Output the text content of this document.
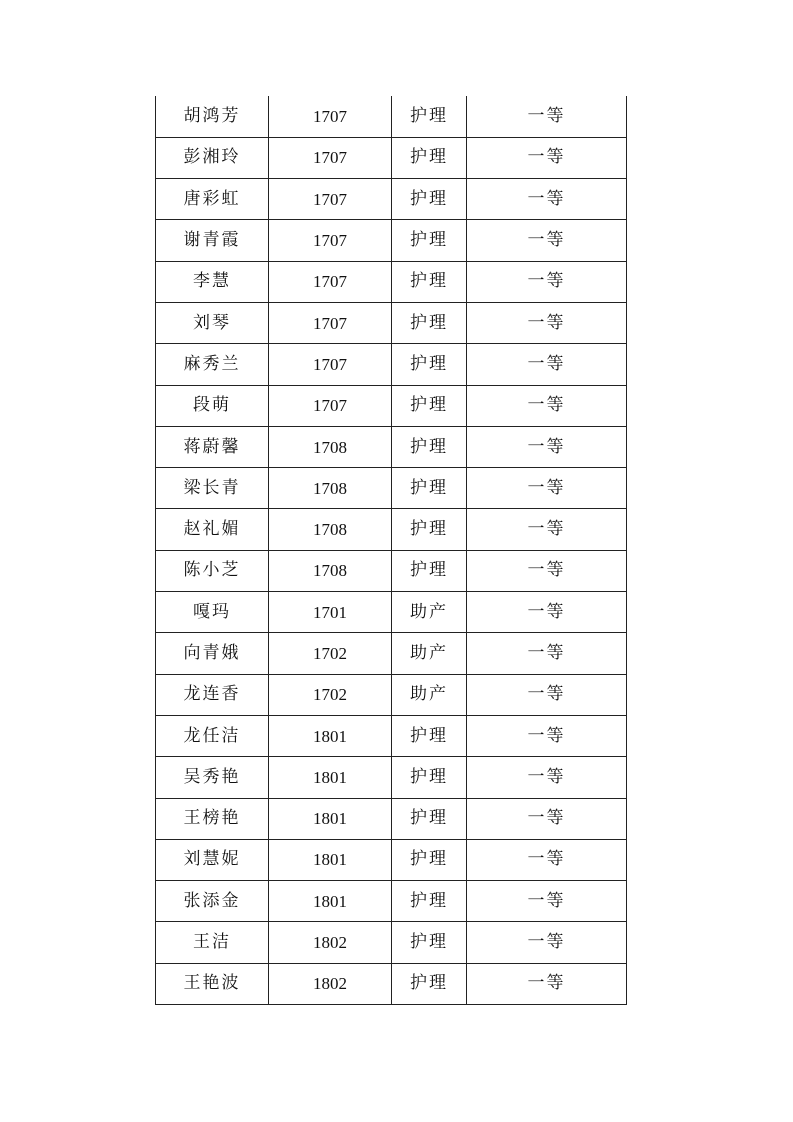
胡鸿芳	1707	护理	一等
彭湘玲	1707	护理	一等
唐彩虹	1707	护理	一等
谢青霞	1707	护理	一等
李慧	1707	护理	一等
刘琴	1707	护理	一等
麻秀兰	1707	护理	一等
段萌	1707	护理	一等
蒋蔚馨	1708	护理	一等
梁长青	1708	护理	一等
赵礼媚	1708	护理	一等
陈小芝	1708	护理	一等
嘎玛	1701	助产	一等
向青娥	1702	助产	一等
龙连香	1702	助产	一等
龙任洁	1801	护理	一等
吴秀艳	1801	护理	一等
王榜艳	1801	护理	一等
刘慧妮	1801	护理	一等
张添金	1801	护理	一等
王洁	1802	护理	一等
王艳波	1802	护理	一等
